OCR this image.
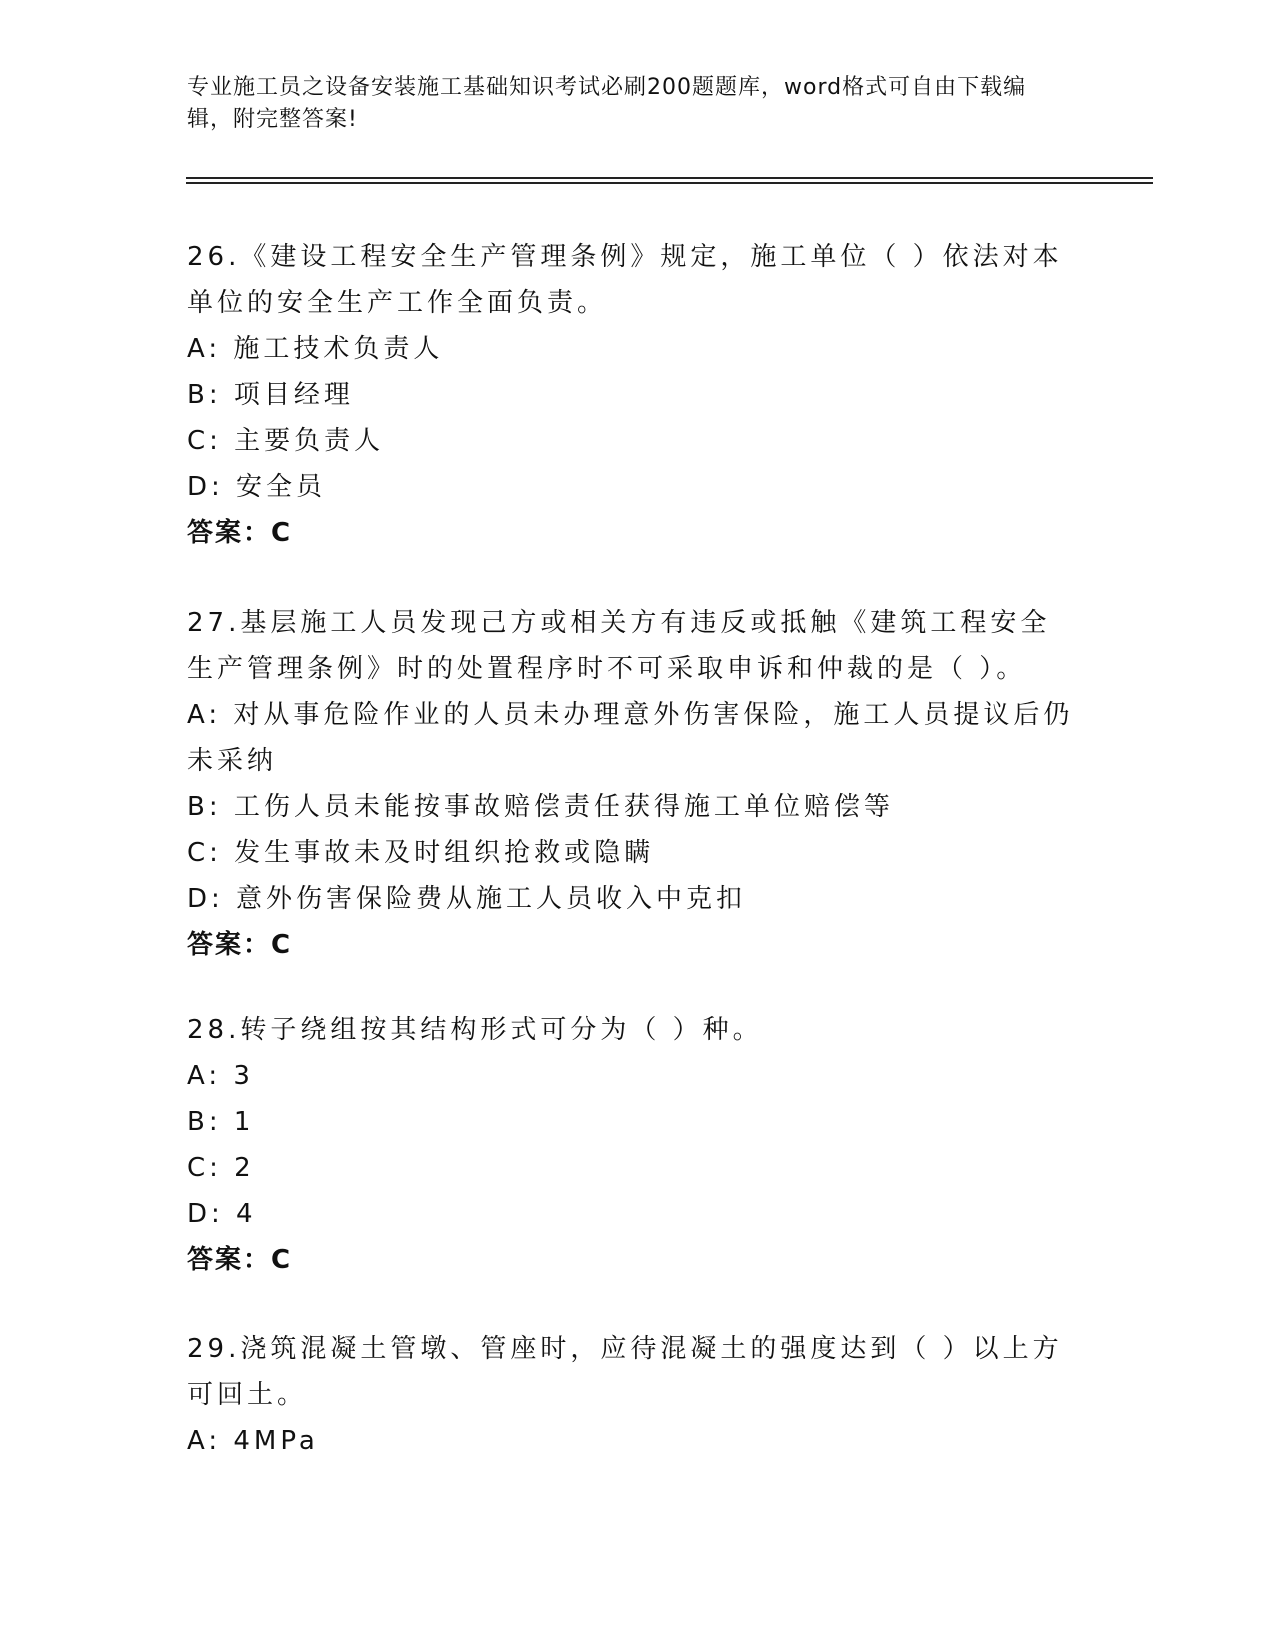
专业施工员之设备安装施工基础知识考试必刷200题题库，word格式可自由下载编辑，附完整答案!

26.《建设工程安全生产管理条例》规定，施工单位（ ）依法对本单位的安全生产工作全面负责。

A: 施工技术负责人

B: 项目经理

C: 主要负责人

D: 安全员

答案：C

27.基层施工人员发现己方或相关方有违反或抵触《建筑工程安全生产管理条例》时的处置程序时不可采取申诉和仲裁的是（ ）。

A: 对从事危险作业的人员未办理意外伤害保险，施工人员提议后仍未采纳

B: 工伤人员未能按事故赔偿责任获得施工单位赔偿等

C: 发生事故未及时组织抢救或隐瞒

D: 意外伤害保险费从施工人员收入中克扣

答案：C

28.转子绕组按其结构形式可分为（ ）种。

A: 3

B: 1

C: 2

D: 4

答案：C

29.浇筑混凝土管墩、管座时，应待混凝土的强度达到（ ）以上方可回土。

A: 4MPa
